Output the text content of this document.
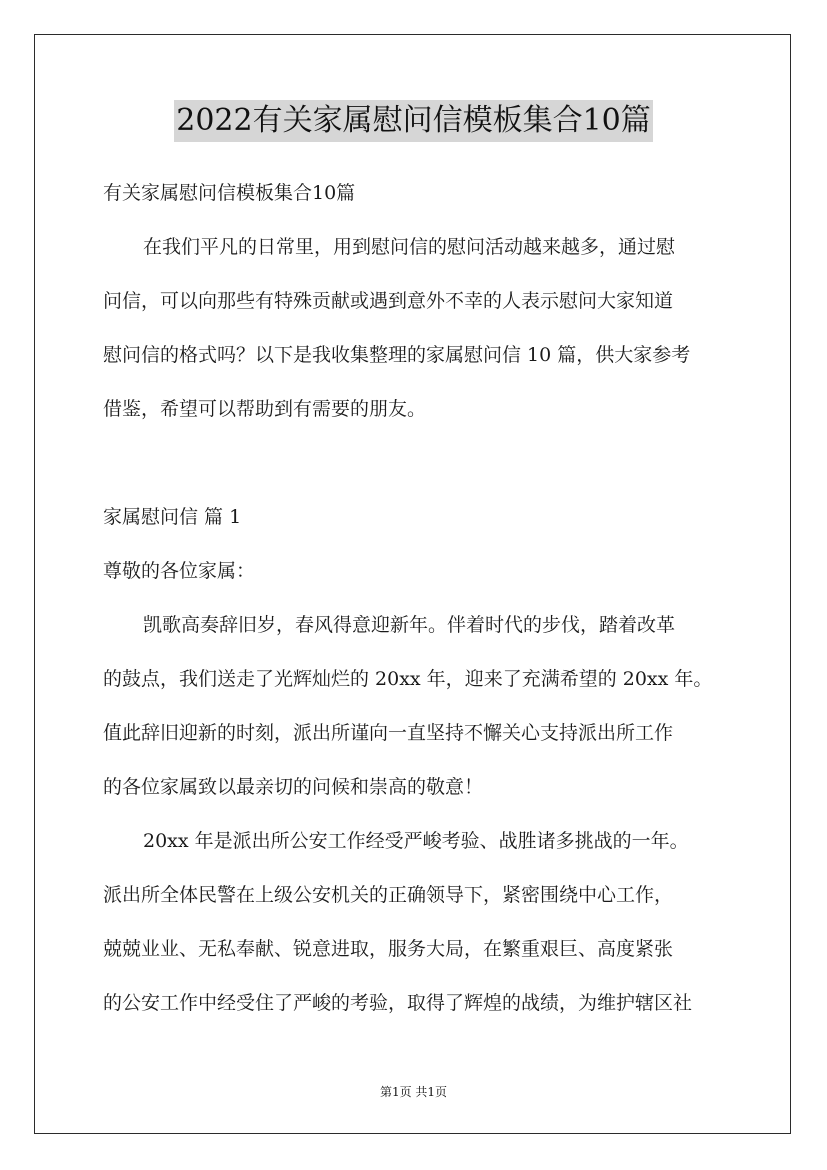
2022有关家属慰问信模板集合10篇
有关家属慰问信模板集合10篇
在我们平凡的日常里，用到慰问信的慰问活动越来越多，通过慰
问信，可以向那些有特殊贡献或遇到意外不幸的人表示慰问大家知道
慰问信的格式吗？以下是我收集整理的家属慰问信 10 篇，供大家参考
借鉴，希望可以帮助到有需要的朋友。
家属慰问信 篇 1
尊敬的各位家属：
凯歌高奏辞旧岁，春风得意迎新年。伴着时代的步伐，踏着改革
的鼓点，我们送走了光辉灿烂的 20xx 年，迎来了充满希望的 20xx 年。
值此辞旧迎新的时刻，派出所谨向一直坚持不懈关心支持派出所工作
的各位家属致以最亲切的问候和崇高的敬意！
20xx 年是派出所公安工作经受严峻考验、战胜诸多挑战的一年。
派出所全体民警在上级公安机关的正确领导下，紧密围绕中心工作，
兢兢业业、无私奉献、锐意进取，服务大局，在繁重艰巨、高度紧张
的公安工作中经受住了严峻的考验，取得了辉煌的战绩，为维护辖区社
第1页 共1页
